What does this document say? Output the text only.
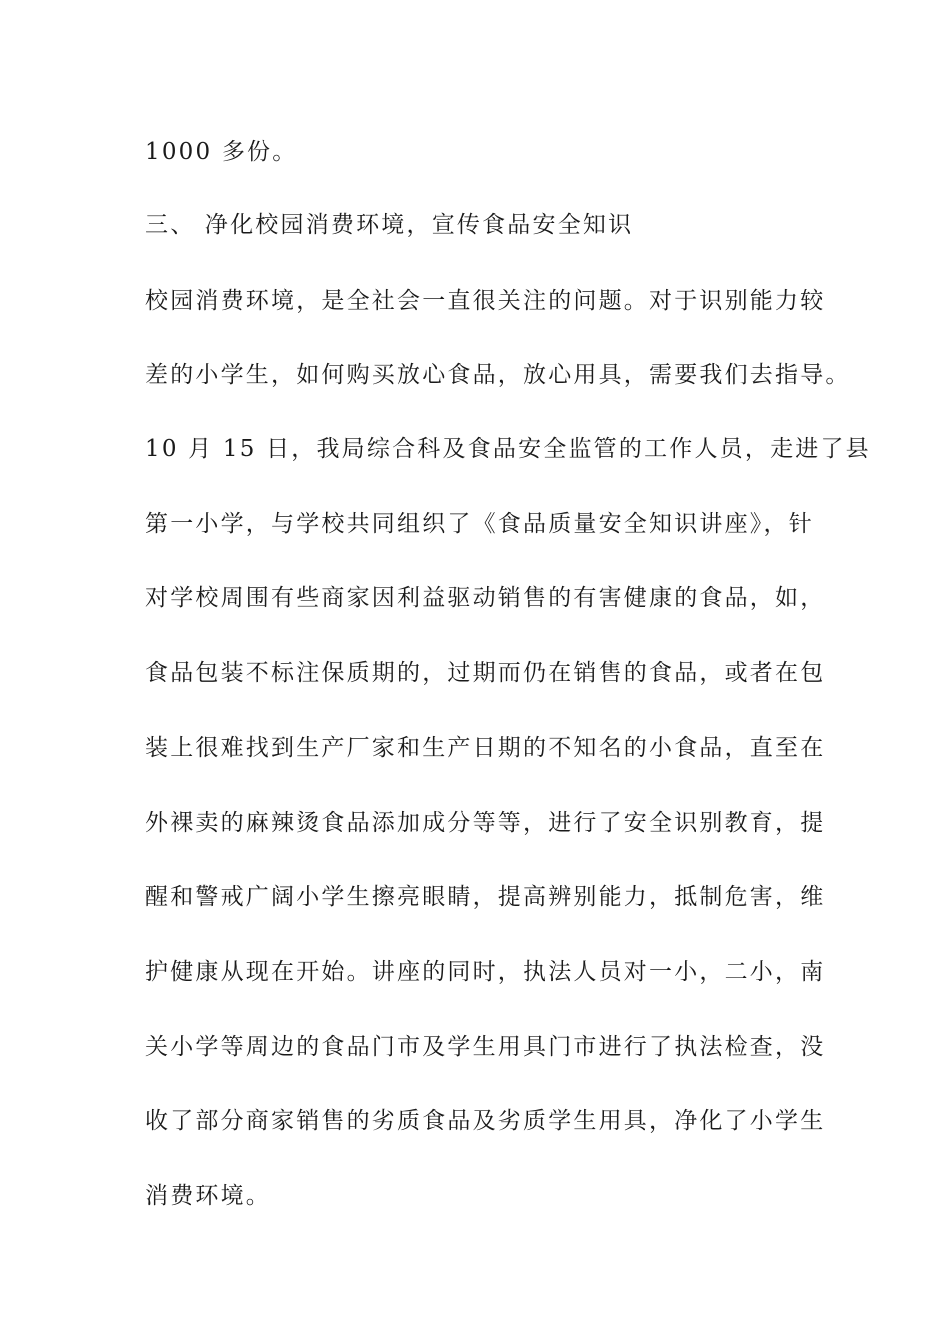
1000 多份。
三、 净化校园消费环境，宣传食品安全知识
校园消费环境，是全社会一直很关注的问题。对于识别能力较
差的小学生，如何购买放心食品，放心用具，需要我们去指导。
10 月 15 日，我局综合科及食品安全监管的工作人员，走进了县
第一小学，与学校共同组织了《食品质量安全知识讲座》，针
对学校周围有些商家因利益驱动销售的有害健康的食品，如，
食品包装不标注保质期的，过期而仍在销售的食品，或者在包
装上很难找到生产厂家和生产日期的不知名的小食品，直至在
外裸卖的麻辣烫食品添加成分等等，进行了安全识别教育，提
醒和警戒广阔小学生擦亮眼睛，提高辨别能力，抵制危害，维
护健康从现在开始。讲座的同时，执法人员对一小，二小，南
关小学等周边的食品门市及学生用具门市进行了执法检查，没
收了部分商家销售的劣质食品及劣质学生用具，净化了小学生
消费环境。
